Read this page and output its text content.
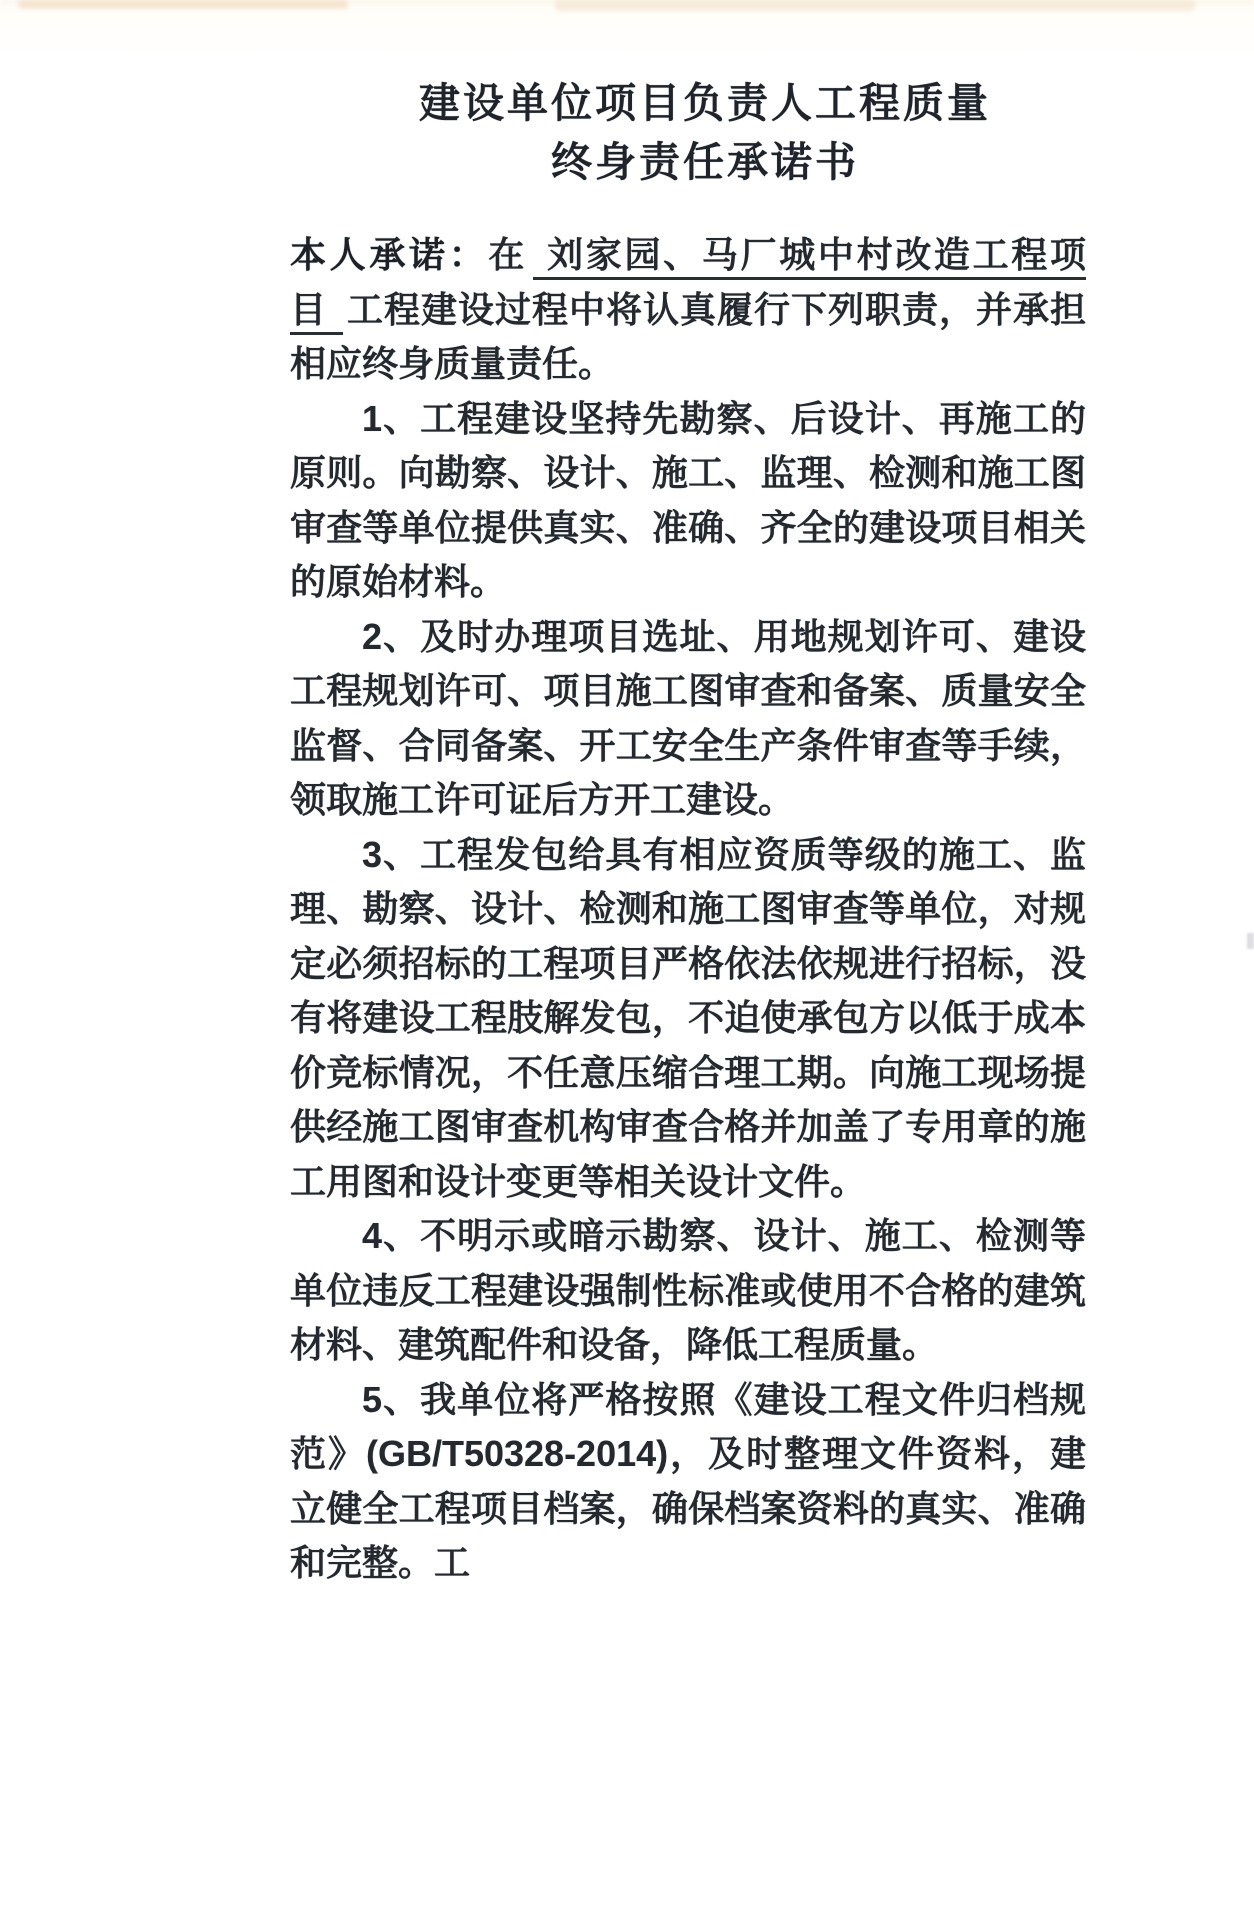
建设单位项目负责人工程质量
终身责任承诺书

本人承诺：在 刘家园、马厂城中村改造工程项目 工程建设过程中将认真履行下列职责，并承担相应终身质量责任。

1、工程建设坚持先勘察、后设计、再施工的原则。向勘察、设计、施工、监理、检测和施工图审查等单位提供真实、准确、齐全的建设项目相关的原始材料。

2、及时办理项目选址、用地规划许可、建设工程规划许可、项目施工图审查和备案、质量安全监督、合同备案、开工安全生产条件审查等手续，领取施工许可证后方开工建设。

3、工程发包给具有相应资质等级的施工、监理、勘察、设计、检测和施工图审查等单位，对规定必须招标的工程项目严格依法依规进行招标，没有将建设工程肢解发包，不迫使承包方以低于成本价竞标情况，不任意压缩合理工期。向施工现场提供经施工图审查机构审查合格并加盖了专用章的施工用图和设计变更等相关设计文件。

4、不明示或暗示勘察、设计、施工、检测等单位违反工程建设强制性标准或使用不合格的建筑材料、建筑配件和设备，降低工程质量。

5、我单位将严格按照《建设工程文件归档规范》(GB/T50328-2014)，及时整理文件资料，建立健全工程项目档案，确保档案资料的真实、准确和完整。工
